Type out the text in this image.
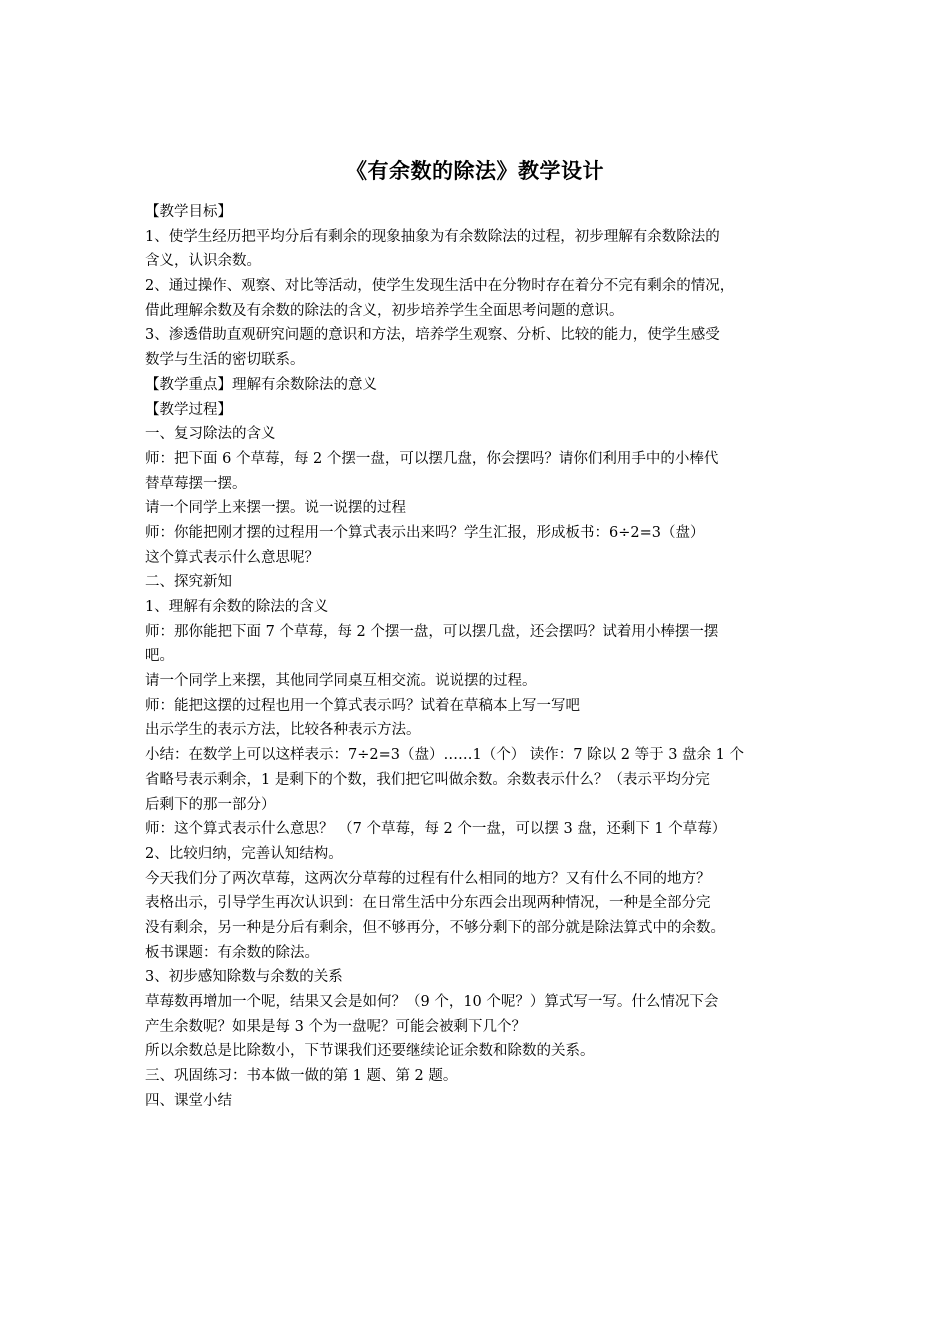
《有余数的除法》教学设计
【教学目标】
1、使学生经历把平均分后有剩余的现象抽象为有余数除法的过程，初步理解有余数除法的
含义，认识余数。
2、通过操作、观察、对比等活动，使学生发现生活中在分物时存在着分不完有剩余的情况，
借此理解余数及有余数的除法的含义，初步培养学生全面思考问题的意识。
3、渗透借助直观研究问题的意识和方法，培养学生观察、分析、比较的能力，使学生感受
数学与生活的密切联系。
【教学重点】理解有余数除法的意义
【教学过程】
一、复习除法的含义
师：把下面 6 个草莓，每 2 个摆一盘，可以摆几盘，你会摆吗？请你们利用手中的小棒代
替草莓摆一摆。
请一个同学上来摆一摆。说一说摆的过程
师：你能把刚才摆的过程用一个算式表示出来吗？学生汇报，形成板书：6÷2=3（盘）
这个算式表示什么意思呢？
二、探究新知
1、理解有余数的除法的含义
师：那你能把下面 7 个草莓，每 2 个摆一盘，可以摆几盘，还会摆吗？试着用小棒摆一摆
吧。
请一个同学上来摆，其他同学同桌互相交流。说说摆的过程。
师：能把这摆的过程也用一个算式表示吗？试着在草稿本上写一写吧
出示学生的表示方法，比较各种表示方法。
小结：在数学上可以这样表示：7÷2=3（盘）……1（个） 读作：7 除以 2 等于 3 盘余 1 个
省略号表示剩余，1 是剩下的个数，我们把它叫做余数。余数表示什么？（表示平均分完
后剩下的那一部分）
师：这个算式表示什么意思？ （7 个草莓，每 2 个一盘，可以摆 3 盘，还剩下 1 个草莓）
2、比较归纳，完善认知结构。
今天我们分了两次草莓，这两次分草莓的过程有什么相同的地方？又有什么不同的地方？
表格出示，引导学生再次认识到：在日常生活中分东西会出现两种情况，一种是全部分完
没有剩余，另一种是分后有剩余，但不够再分，不够分剩下的部分就是除法算式中的余数。
板书课题：有余数的除法。
3、初步感知除数与余数的关系
草莓数再增加一个呢，结果又会是如何？（9 个，10 个呢？）算式写一写。什么情况下会
产生余数呢？如果是每 3 个为一盘呢？可能会被剩下几个？
所以余数总是比除数小，下节课我们还要继续论证余数和除数的关系。
三、巩固练习：书本做一做的第 1 题、第 2 题。
四、课堂小结
